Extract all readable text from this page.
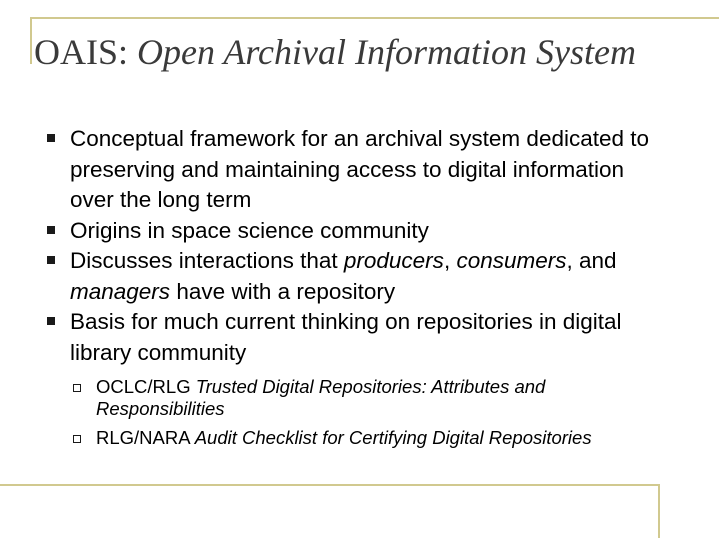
OAIS: Open Archival Information System
Conceptual framework for an archival system dedicated to preserving and maintaining access to digital information over the long term
Origins in space science community
Discusses interactions that producers, consumers, and managers have with a repository
Basis for much current thinking on repositories in digital library community
OCLC/RLG Trusted Digital Repositories: Attributes and Responsibilities
RLG/NARA Audit Checklist for Certifying Digital Repositories
